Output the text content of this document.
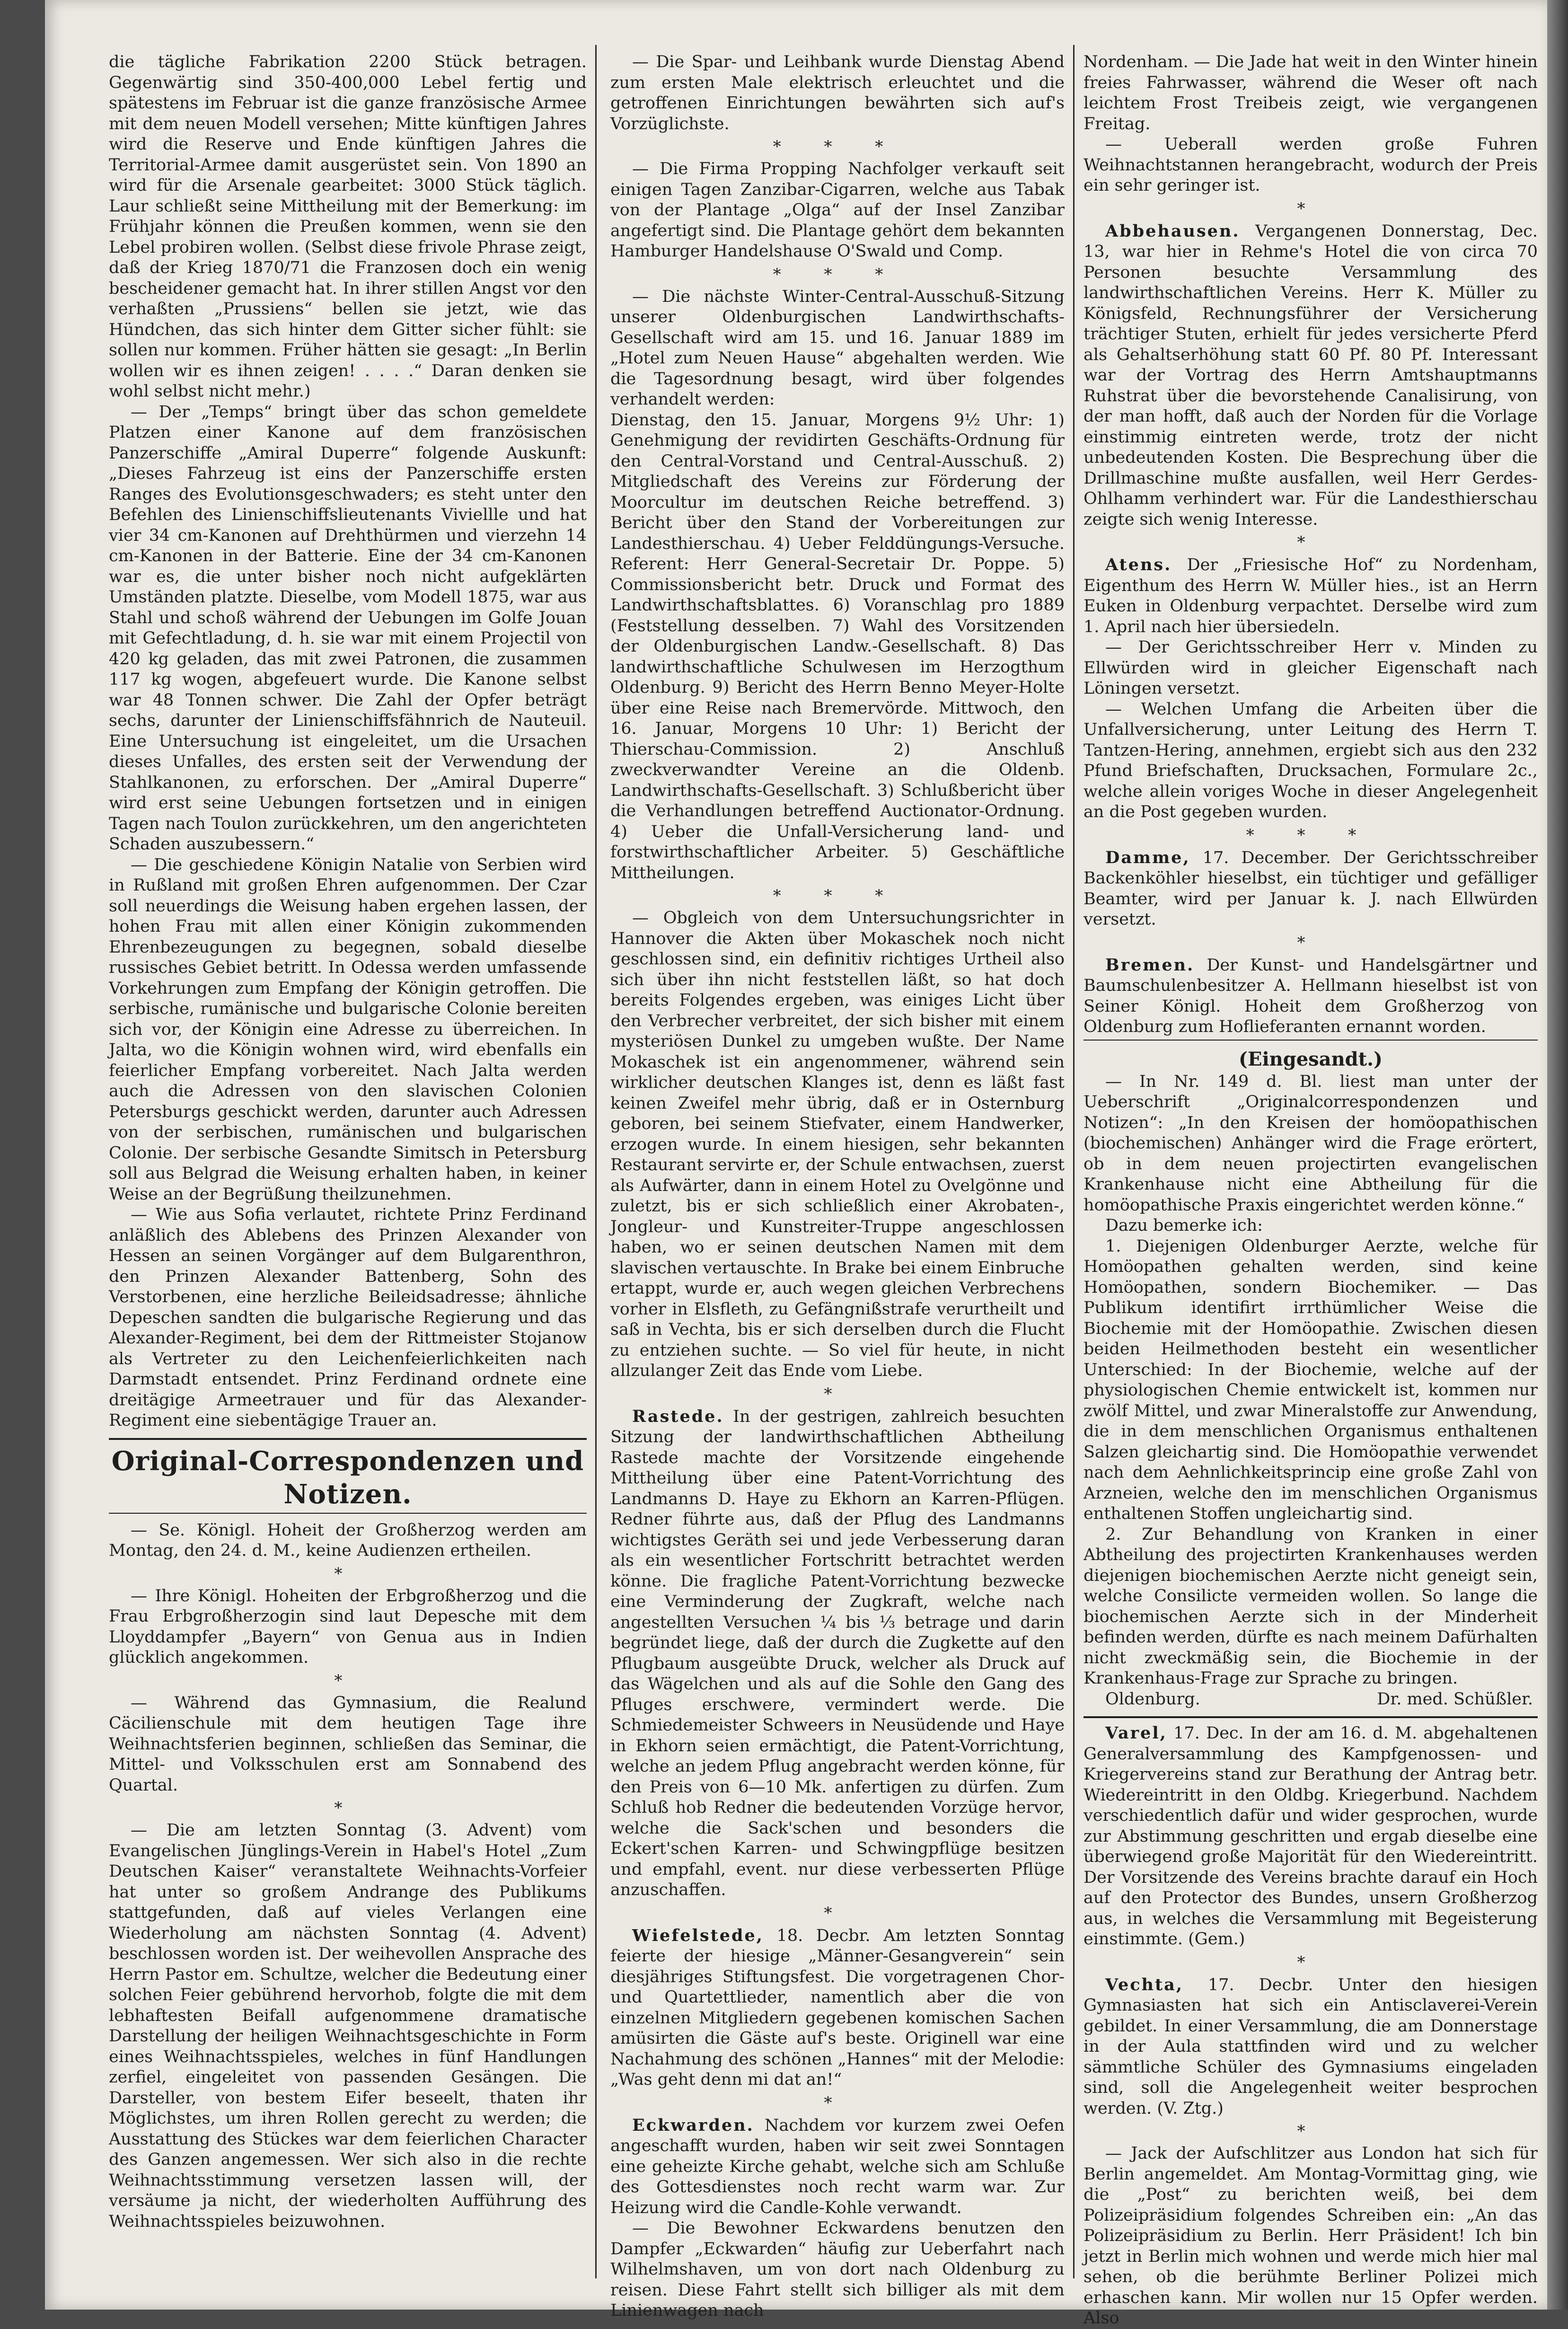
die tägliche Fabrikation 2200 Stück betragen. Gegenwärtig sind 350-400,000 Lebel fertig und spätestens im Februar ist die ganze französische Armee mit dem neuen Modell versehen; Mitte künftigen Jahres wird die Reserve und Ende künftigen Jahres die Territorial-Armee damit ausgerüstet sein. Von 1890 an wird für die Arsenale gearbeitet: 3000 Stück täglich. Laur schließt seine Mittheilung mit der Bemerkung: im Frühjahr können die Preußen kommen, wenn sie den Lebel probiren wollen. (Selbst diese frivole Phrase zeigt, daß der Krieg 1870/71 die Franzosen doch ein wenig bescheidener gemacht hat. In ihrer stillen Angst vor den verhaßten „Prussiens“ bellen sie jetzt, wie das Hündchen, das sich hinter dem Gitter sicher fühlt: sie sollen nur kommen. Früher hätten sie gesagt: „In Berlin wollen wir es ihnen zeigen! . . . .“ Daran denken sie wohl selbst nicht mehr.)

— Der „Temps“ bringt über das schon gemeldete Platzen einer Kanone auf dem französischen Panzerschiffe „Amiral Duperre“ folgende Auskunft: „Dieses Fahrzeug ist eins der Panzerschiffe ersten Ranges des Evolutionsgeschwaders; es steht unter den Befehlen des Linienschiffslieutenants Viviellle und hat vier 34 cm-Kanonen auf Drehthürmen und vierzehn 14 cm-Kanonen in der Batterie. Eine der 34 cm-Kanonen war es, die unter bisher noch nicht aufgeklärten Umständen platzte. Dieselbe, vom Modell 1875, war aus Stahl und schoß während der Uebungen im Golfe Jouan mit Gefechtladung, d. h. sie war mit einem Projectil von 420 kg geladen, das mit zwei Patronen, die zusammen 117 kg wogen, abgefeuert wurde. Die Kanone selbst war 48 Tonnen schwer. Die Zahl der Opfer beträgt sechs, darunter der Linienschiffsfähnrich de Nauteuil. Eine Untersuchung ist eingeleitet, um die Ursachen dieses Unfalles, des ersten seit der Verwendung der Stahlkanonen, zu erforschen. Der „Amiral Duperre“ wird erst seine Uebungen fortsetzen und in einigen Tagen nach Toulon zurückkehren, um den angerichteten Schaden auszubessern.“

— Die geschiedene Königin Natalie von Serbien wird in Rußland mit großen Ehren aufgenommen. Der Czar soll neuerdings die Weisung haben ergehen lassen, der hohen Frau mit allen einer Königin zukommenden Ehrenbezeugungen zu begegnen, sobald dieselbe russisches Gebiet betritt. In Odessa werden umfassende Vorkehrungen zum Empfang der Königin getroffen. Die serbische, rumänische und bulgarische Colonie bereiten sich vor, der Königin eine Adresse zu überreichen. In Jalta, wo die Königin wohnen wird, wird ebenfalls ein feierlicher Empfang vorbereitet. Nach Jalta werden auch die Adressen von den slavischen Colonien Petersburgs geschickt werden, darunter auch Adressen von der serbischen, rumänischen und bulgarischen Colonie. Der serbische Gesandte Simitsch in Petersburg soll aus Belgrad die Weisung erhalten haben, in keiner Weise an der Begrüßung theilzunehmen.

— Wie aus Sofia verlautet, richtete Prinz Ferdinand anläßlich des Ablebens des Prinzen Alexander von Hessen an seinen Vorgänger auf dem Bulgarenthron, den Prinzen Alexander Battenberg, Sohn des Verstorbenen, eine herzliche Beileidsadresse; ähnliche Depeschen sandten die bulgarische Regierung und das Alexander-Regiment, bei dem der Rittmeister Stojanow als Vertreter zu den Leichenfeierlichkeiten nach Darmstadt entsendet. Prinz Ferdinand ordnete eine dreitägige Armeetrauer und für das Alexander-Regiment eine siebentägige Trauer an.

Original-Correspondenzen und Notizen.

— Se. Königl. Hoheit der Großherzog werden am Montag, den 24. d. M., keine Audienzen ertheilen.

*

— Ihre Königl. Hoheiten der Erbgroßherzog und die Frau Erbgroßherzogin sind laut Depesche mit dem Lloyddampfer „Bayern“ von Genua aus in Indien glücklich angekommen.

*

— Während das Gymnasium, die Realund Cäcilienschule mit dem heutigen Tage ihre Weihnachtsferien beginnen, schließen das Seminar, die Mittel- und Volksschulen erst am Sonnabend des Quartal.

*

— Die am letzten Sonntag (3. Advent) vom Evangelischen Jünglings-Verein in Habel's Hotel „Zum Deutschen Kaiser“ veranstaltete Weihnachts-Vorfeier hat unter so großem Andrange des Publikums stattgefunden, daß auf vieles Verlangen eine Wiederholung am nächsten Sonntag (4. Advent) beschlossen worden ist. Der weihevollen Ansprache des Herrn Pastor em. Schultze, welcher die Bedeutung einer solchen Feier gebührend hervorhob, folgte die mit dem lebhaftesten Beifall aufgenommene dramatische Darstellung der heiligen Weihnachtsgeschichte in Form eines Weihnachtsspieles, welches in fünf Handlungen zerfiel, eingeleitet von passenden Gesängen. Die Darsteller, von bestem Eifer beseelt, thaten ihr Möglichstes, um ihren Rollen gerecht zu werden; die Ausstattung des Stückes war dem feierlichen Character des Ganzen angemessen. Wer sich also in die rechte Weihnachtsstimmung versetzen lassen will, der versäume ja nicht, der wiederholten Aufführung des Weihnachtsspieles beizuwohnen.

— Die Spar- und Leihbank wurde Dienstag Abend zum ersten Male elektrisch erleuchtet und die getroffenen Einrichtungen bewährten sich auf's Vorzüglichste.

* * *

— Die Firma Propping Nachfolger verkauft seit einigen Tagen Zanzibar-Cigarren, welche aus Tabak von der Plantage „Olga“ auf der Insel Zanzibar angefertigt sind. Die Plantage gehört dem bekannten Hamburger Handelshause O'Swald und Comp.

* * *

— Die nächste Winter-Central-Ausschuß-Sitzung unserer Oldenburgischen Landwirthschafts-Gesellschaft wird am 15. und 16. Januar 1889 im „Hotel zum Neuen Hause“ abgehalten werden. Wie die Tagesordnung besagt, wird über folgendes verhandelt werden:

Dienstag, den 15. Januar, Morgens 9½ Uhr: 1) Genehmigung der revidirten Geschäfts-Ordnung für den Central-Vorstand und Central-Ausschuß. 2) Mitgliedschaft des Vereins zur Förderung der Moorcultur im deutschen Reiche betreffend. 3) Bericht über den Stand der Vorbereitungen zur Landesthierschau. 4) Ueber Felddüngungs-Versuche. Referent: Herr General-Secretair Dr. Poppe. 5) Commissionsbericht betr. Druck und Format des Landwirthschaftsblattes. 6) Voranschlag pro 1889 (Feststellung desselben. 7) Wahl des Vorsitzenden der Oldenburgischen Landw.-Gesellschaft. 8) Das landwirthschaftliche Schulwesen im Herzogthum Oldenburg. 9) Bericht des Herrn Benno Meyer-Holte über eine Reise nach Bremervörde. Mittwoch, den 16. Januar, Morgens 10 Uhr: 1) Bericht der Thierschau-Commission. 2) Anschluß zweckverwandter Vereine an die Oldenb. Landwirthschafts-Gesellschaft. 3) Schlußbericht über die Verhandlungen betreffend Auctionator-Ordnung. 4) Ueber die Unfall-Versicherung land- und forstwirthschaftlicher Arbeiter. 5) Geschäftliche Mittheilungen.

* * *

— Obgleich von dem Untersuchungsrichter in Hannover die Akten über Mokaschek noch nicht geschlossen sind, ein definitiv richtiges Urtheil also sich über ihn nicht feststellen läßt, so hat doch bereits Folgendes ergeben, was einiges Licht über den Verbrecher verbreitet, der sich bisher mit einem mysteriösen Dunkel zu umgeben wußte. Der Name Mokaschek ist ein angenommener, während sein wirklicher deutschen Klanges ist, denn es läßt fast keinen Zweifel mehr übrig, daß er in Osternburg geboren, bei seinem Stiefvater, einem Handwerker, erzogen wurde. In einem hiesigen, sehr bekannten Restaurant servirte er, der Schule entwachsen, zuerst als Aufwärter, dann in einem Hotel zu Ovelgönne und zuletzt, bis er sich schließlich einer Akrobaten-, Jongleur- und Kunstreiter-Truppe angeschlossen haben, wo er seinen deutschen Namen mit dem slavischen vertauschte. In Brake bei einem Einbruche ertappt, wurde er, auch wegen gleichen Verbrechens vorher in Elsfleth, zu Gefängnißstrafe verurtheilt und saß in Vechta, bis er sich derselben durch die Flucht zu entziehen suchte. — So viel für heute, in nicht allzulanger Zeit das Ende vom Liebe.

*

Rastede. In der gestrigen, zahlreich besuchten Sitzung der landwirthschaftlichen Abtheilung Rastede machte der Vorsitzende eingehende Mittheilung über eine Patent-Vorrichtung des Landmanns D. Haye zu Ekhorn an Karren-Pflügen. Redner führte aus, daß der Pflug des Landmanns wichtigstes Geräth sei und jede Verbesserung daran als ein wesentlicher Fortschritt betrachtet werden könne. Die fragliche Patent-Vorrichtung bezwecke eine Verminderung der Zugkraft, welche nach angestellten Versuchen ¼ bis ⅓ betrage und darin begründet liege, daß der durch die Zugkette auf den Pflugbaum ausgeübte Druck, welcher als Druck auf das Wägelchen und als auf die Sohle den Gang des Pfluges erschwere, vermindert werde. Die Schmiedemeister Schweers in Neusüdende und Haye in Ekhorn seien ermächtigt, die Patent-Vorrichtung, welche an jedem Pflug angebracht werden könne, für den Preis von 6—10 Mk. anfertigen zu dürfen. Zum Schluß hob Redner die bedeutenden Vorzüge hervor, welche die Sack'schen und besonders die Eckert'schen Karren- und Schwingpflüge besitzen und empfahl, event. nur diese verbesserten Pflüge anzuschaffen.

*

Wiefelstede, 18. Decbr. Am letzten Sonntag feierte der hiesige „Männer-Gesangverein“ sein diesjähriges Stiftungsfest. Die vorgetragenen Chor- und Quartettlieder, namentlich aber die von einzelnen Mitgliedern gegebenen komischen Sachen amüsirten die Gäste auf's beste. Originell war eine Nachahmung des schönen „Hannes“ mit der Melodie: „Was geht denn mi dat an!“

*

Eckwarden. Nachdem vor kurzem zwei Oefen angeschafft wurden, haben wir seit zwei Sonntagen eine geheizte Kirche gehabt, welche sich am Schluße des Gottesdienstes noch recht warm war. Zur Heizung wird die Candle-Kohle verwandt.

— Die Bewohner Eckwardens benutzen den Dampfer „Eckwarden“ häufig zur Ueberfahrt nach Wilhelmshaven, um von dort nach Oldenburg zu reisen. Diese Fahrt stellt sich billiger als mit dem Linienwagen nach

Nordenham. — Die Jade hat weit in den Winter hinein freies Fahrwasser, während die Weser oft nach leichtem Frost Treibeis zeigt, wie vergangenen Freitag.

— Ueberall werden große Fuhren Weihnachtstannen herangebracht, wodurch der Preis ein sehr geringer ist.

*

Abbehausen. Vergangenen Donnerstag, Dec. 13, war hier in Rehme's Hotel die von circa 70 Personen besuchte Versammlung des landwirthschaftlichen Vereins. Herr K. Müller zu Königsfeld, Rechnungsführer der Versicherung trächtiger Stuten, erhielt für jedes versicherte Pferd als Gehaltserhöhung statt 60 Pf. 80 Pf. Interessant war der Vortrag des Herrn Amtshauptmanns Ruhstrat über die bevorstehende Canalisirung, von der man hofft, daß auch der Norden für die Vorlage einstimmig eintreten werde, trotz der nicht unbedeutenden Kosten. Die Besprechung über die Drillmaschine mußte ausfallen, weil Herr Gerdes-Ohlhamm verhindert war. Für die Landesthierschau zeigte sich wenig Interesse.

*

Atens. Der „Friesische Hof“ zu Nordenham, Eigenthum des Herrn W. Müller hies., ist an Herrn Euken in Oldenburg verpachtet. Derselbe wird zum 1. April nach hier übersiedeln.

— Der Gerichtsschreiber Herr v. Minden zu Ellwürden wird in gleicher Eigenschaft nach Löningen versetzt.

— Welchen Umfang die Arbeiten über die Unfallversicherung, unter Leitung des Herrn T. Tantzen-Hering, annehmen, ergiebt sich aus den 232 Pfund Briefschaften, Drucksachen, Formulare 2c., welche allein voriges Woche in dieser Angelegenheit an die Post gegeben wurden.

* * *

Damme, 17. December. Der Gerichtsschreiber Backenköhler hieselbst, ein tüchtiger und gefälliger Beamter, wird per Januar k. J. nach Ellwürden versetzt.

*

Bremen. Der Kunst- und Handelsgärtner und Baumschulenbesitzer A. Hellmann hieselbst ist von Seiner Königl. Hoheit dem Großherzog von Oldenburg zum Hoflieferanten ernannt worden.

(Eingesandt.)

— In Nr. 149 d. Bl. liest man unter der Ueberschrift „Originalcorrespondenzen und Notizen“: „In den Kreisen der homöopathischen (biochemischen) Anhänger wird die Frage erörtert, ob in dem neuen projectirten evangelischen Krankenhause nicht eine Abtheilung für die homöopathische Praxis eingerichtet werden könne.“

Dazu bemerke ich:

1. Diejenigen Oldenburger Aerzte, welche für Homöopathen gehalten werden, sind keine Homöopathen, sondern Biochemiker. — Das Publikum identifirt irrthümlicher Weise die Biochemie mit der Homöopathie. Zwischen diesen beiden Heilmethoden besteht ein wesentlicher Unterschied: In der Biochemie, welche auf der physiologischen Chemie entwickelt ist, kommen nur zwölf Mittel, und zwar Mineralstoffe zur Anwendung, die in dem menschlichen Organismus enthaltenen Salzen gleichartig sind. Die Homöopathie verwendet nach dem Aehnlichkeitsprincip eine große Zahl von Arzneien, welche den im menschlichen Organismus enthaltenen Stoffen ungleichartig sind.

2. Zur Behandlung von Kranken in einer Abtheilung des projectirten Krankenhauses werden diejenigen biochemischen Aerzte nicht geneigt sein, welche Consilicte vermeiden wollen. So lange die biochemischen Aerzte sich in der Minderheit befinden werden, dürfte es nach meinem Dafürhalten nicht zweckmäßig sein, die Biochemie in der Krankenhaus-Frage zur Sprache zu bringen.

Oldenburg.	Dr. med. Schüßler.

Varel, 17. Dec. In der am 16. d. M. abgehaltenen Generalversammlung des Kampfgenossen- und Kriegervereins stand zur Berathung der Antrag betr. Wiedereintritt in den Oldbg. Kriegerbund. Nachdem verschiedentlich dafür und wider gesprochen, wurde zur Abstimmung geschritten und ergab dieselbe eine überwiegend große Majorität für den Wiedereintritt. Der Vorsitzende des Vereins brachte darauf ein Hoch auf den Protector des Bundes, unsern Großherzog aus, in welches die Versammlung mit Begeisterung einstimmte. (Gem.)

*

Vechta, 17. Decbr. Unter den hiesigen Gymnasiasten hat sich ein Antisclaverei-Verein gebildet. In einer Versammlung, die am Donnerstage in der Aula stattfinden wird und zu welcher sämmtliche Schüler des Gymnasiums eingeladen sind, soll die Angelegenheit weiter besprochen werden. (V. Ztg.)

*

— Jack der Aufschlitzer aus London hat sich für Berlin angemeldet. Am Montag-Vormittag ging, wie die „Post“ zu berichten weiß, bei dem Polizeipräsidium folgendes Schreiben ein: „An das Polizeipräsidium zu Berlin. Herr Präsident! Ich bin jetzt in Berlin mich wohnen und werde mich hier mal sehen, ob die berühmte Berliner Polizei mich erhaschen kann. Mir wollen nur 15 Opfer werden. Also
